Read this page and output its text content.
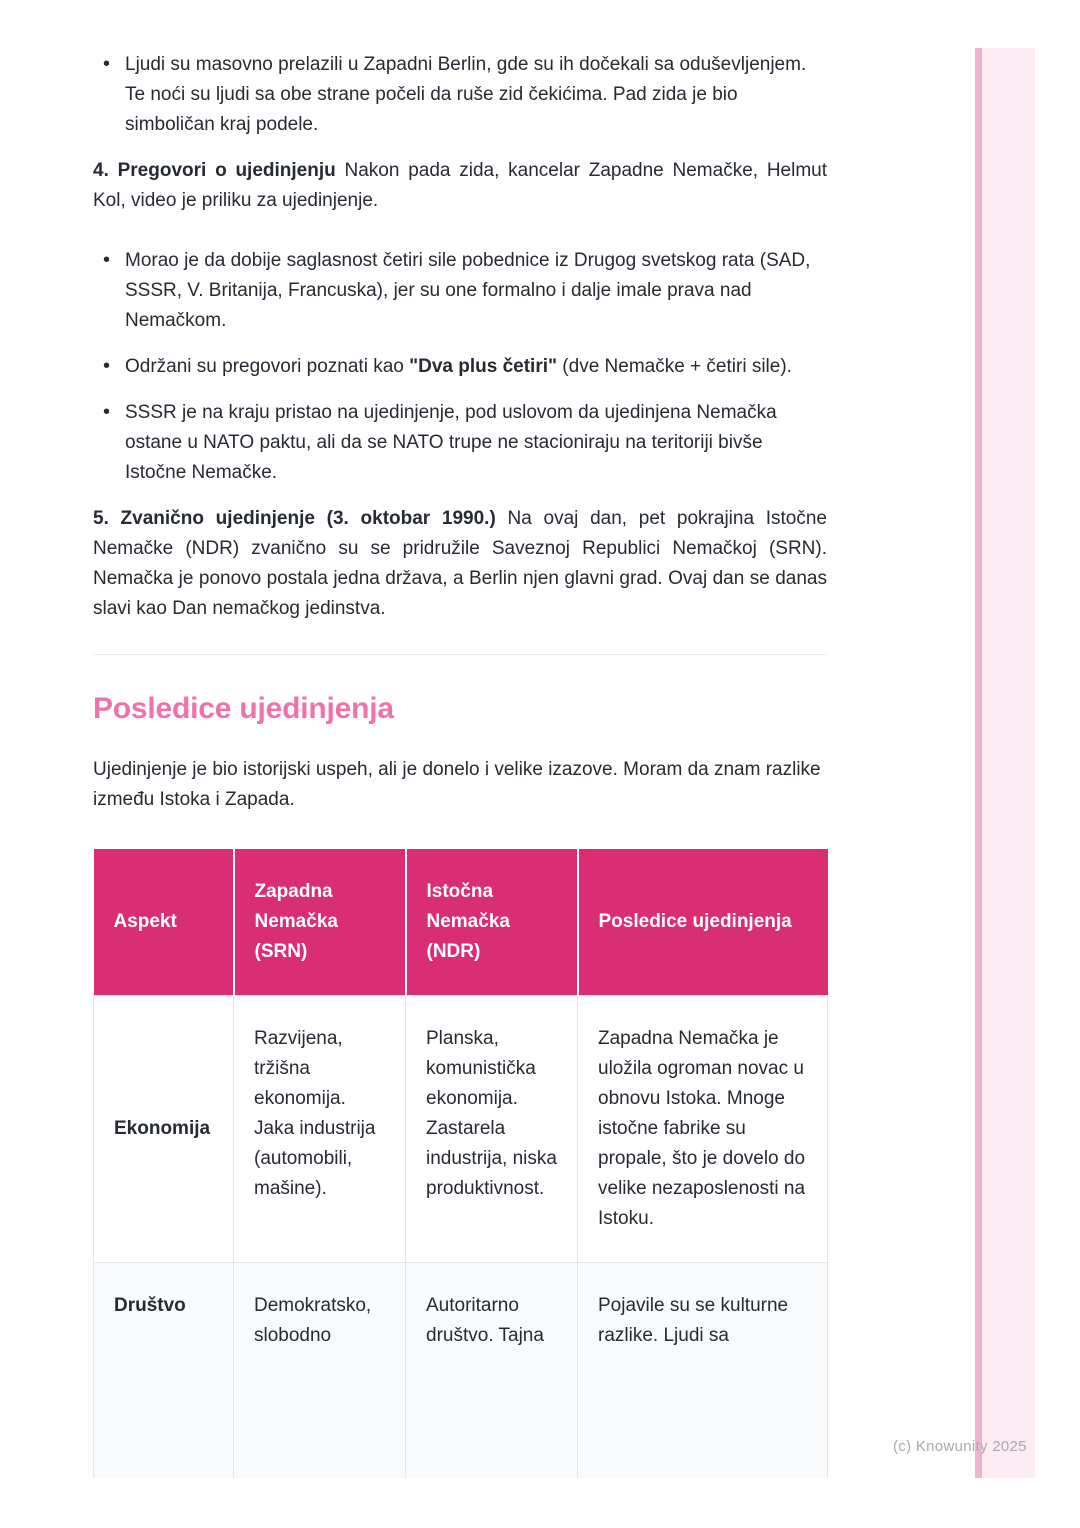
• Ljudi su masovno prelazili u Zapadni Berlin, gde su ih dočekali sa oduševljenjem. Te noći su ljudi sa obe strane počeli da ruše zid čekićima. Pad zida je bio simboličan kraj podele.

4. Pregovori o ujedinjenju Nakon pada zida, kancelar Zapadne Nemačke, Helmut Kol, video je priliku za ujedinjenje.

• Morao je da dobije saglasnost četiri sile pobednice iz Drugog svetskog rata (SAD, SSSR, V. Britanija, Francuska), jer su one formalno i dalje imale prava nad Nemačkom.
• Održani su pregovori poznati kao "Dva plus četiri" (dve Nemačke + četiri sile).
• SSSR je na kraju pristao na ujedinjenje, pod uslovom da ujedinjena Nemačka ostane u NATO paktu, ali da se NATO trupe ne stacioniraju na teritoriji bivše Istočne Nemačke.

5. Zvanično ujedinjenje (3. oktobar 1990.) Na ovaj dan, pet pokrajina Istočne Nemačke (NDR) zvanično su se pridružile Saveznoj Republici Nemačkoj (SRN). Nemačka je ponovo postala jedna država, a Berlin njen glavni grad. Ovaj dan se danas slavi kao Dan nemačkog jedinstva.

Posledice ujedinjenja

Ujedinjenje je bio istorijski uspeh, ali je donelo i velike izazove. Moram da znam razlike između Istoka i Zapada.

Aspekt	Zapadna Nemačka (SRN)	Istočna Nemačka (NDR)	Posledice ujedinjenja
Ekonomija	Razvijena, tržišna ekonomija. Jaka industrija (automobili, mašine).	Planska, komunistička ekonomija. Zastarela industrija, niska produktivnost.	Zapadna Nemačka je uložila ogroman novac u obnovu Istoka. Mnoge istočne fabrike su propale, što je dovelo do velike nezaposlenosti na Istoku.
Društvo	Demokratsko, slobodno	Autoritarno društvo. Tajna	Pojavile su se kulturne razlike. Ljudi sa
(c) Knowunity 2025
